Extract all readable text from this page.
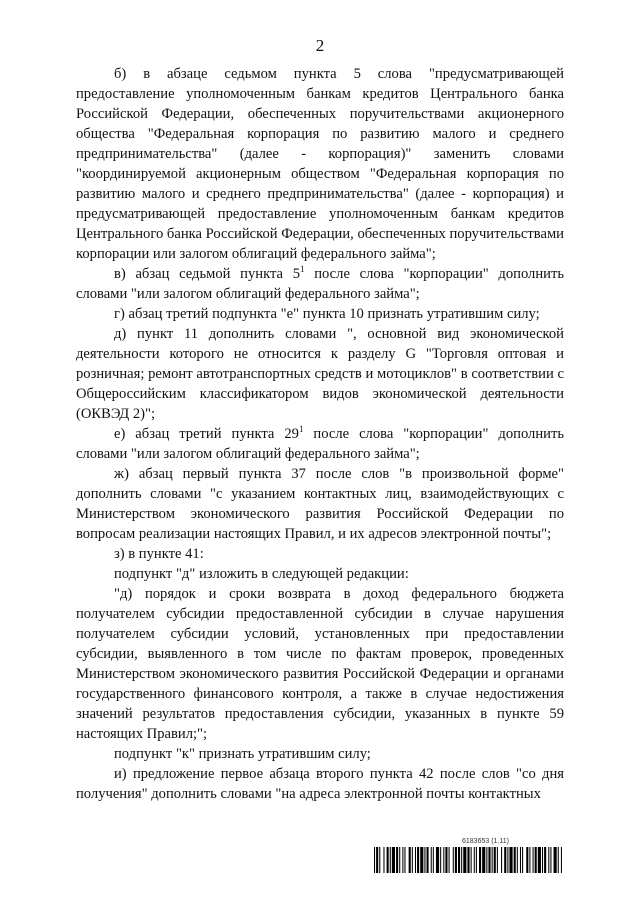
2

б) в абзаце седьмом пункта 5 слова "предусматривающей предоставление уполномоченным банкам кредитов Центрального банка Российской Федерации, обеспеченных поручительствами акционерного общества "Федеральная корпорация по развитию малого и среднего предпринимательства" (далее - корпорация)" заменить словами "координируемой акционерным обществом "Федеральная корпорация по развитию малого и среднего предпринимательства" (далее - корпорация) и предусматривающей предоставление уполномоченным банкам кредитов Центрального банка Российской Федерации, обеспеченных поручительствами корпорации или залогом облигаций федерального займа";

в) абзац седьмой пункта $5^1$ после слова "корпорации" дополнить словами "или залогом облигаций федерального займа";

г) абзац третий подпункта "е" пункта 10 признать утратившим силу;

д) пункт 11 дополнить словами ", основной вид экономической деятельности которого не относится к разделу G "Торговля оптовая и розничная; ремонт автотранспортных средств и мотоциклов" в соответствии с Общероссийским классификатором видов экономической деятельности (ОКВЭД 2)";

е) абзац третий пункта $29^1$ после слова "корпорации" дополнить словами "или залогом облигаций федерального займа";

ж) абзац первый пункта 37 после слов "в произвольной форме" дополнить словами "с указанием контактных лиц, взаимодействующих с Министерством экономического развития Российской Федерации по вопросам реализации настоящих Правил, и их адресов электронной почты";

з) в пункте 41:

подпункт "д" изложить в следующей редакции:

"д) порядок и сроки возврата в доход федерального бюджета получателем субсидии предоставленной субсидии в случае нарушения получателем субсидии условий, установленных при предоставлении субсидии, выявленного в том числе по фактам проверок, проведенных Министерством экономического развития Российской Федерации и органами государственного финансового контроля, а также в случае недостижения значений результатов предоставления субсидии, указанных в пункте 59 настоящих Правил;";

подпункт "к" признать утратившим силу;

и) предложение первое абзаца второго пункта 42 после слов "со дня получения" дополнить словами "на адреса электронной почты контактных

6183653 (1.11)
